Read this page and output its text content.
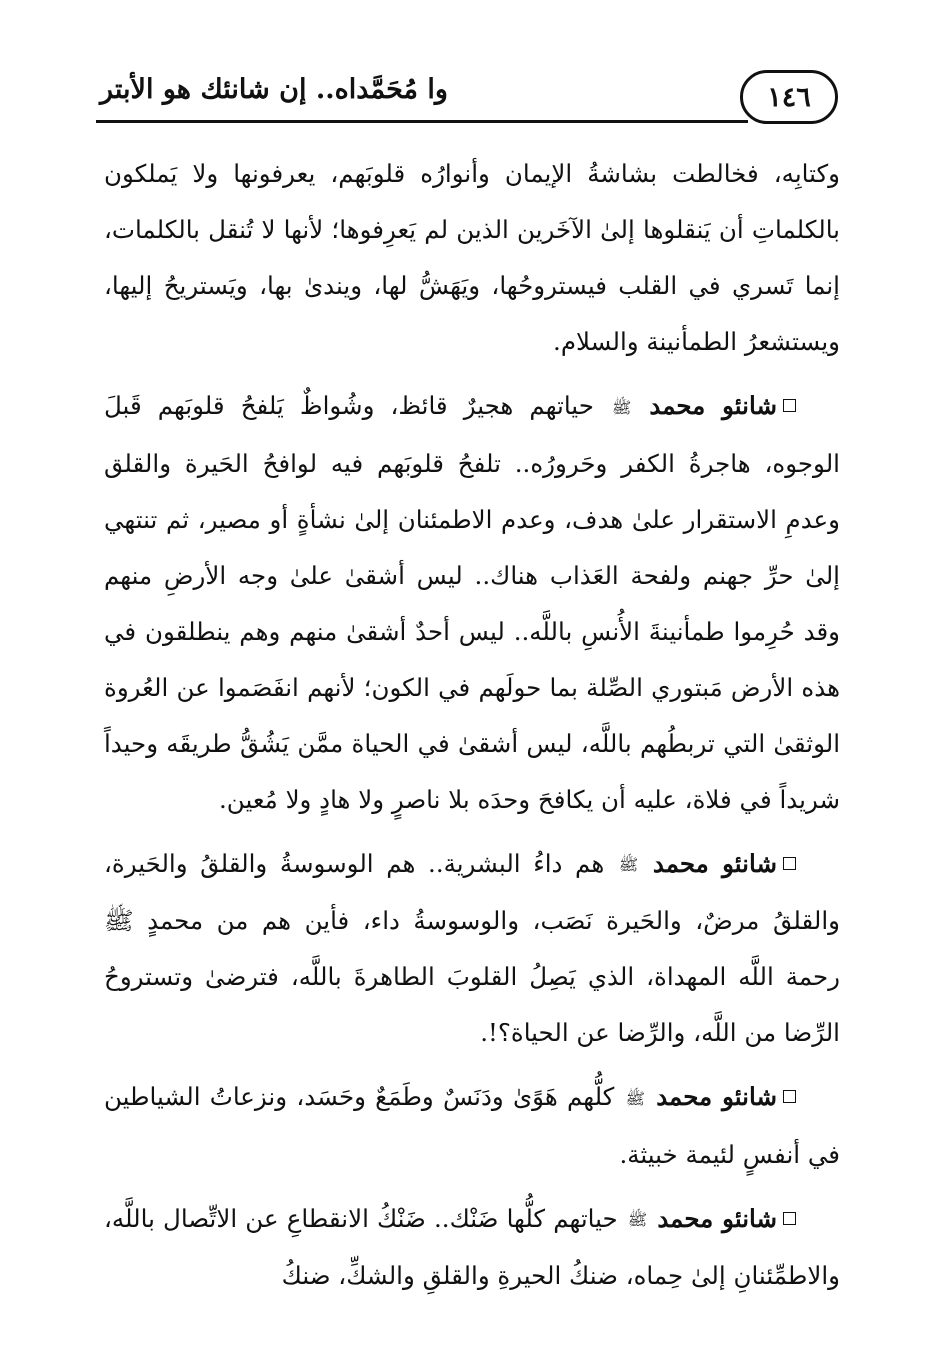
١٤٦
وا مُحَمَّداه.. إن شانئك هو الأبتر

وكتابِه، فخالطت بشاشةُ الإيمان وأنوارُه قلوبَهم، يعرفونها ولا يَملكون بالكلماتِ أن يَنقلوها إلىٰ الآخَرين الذين لم يَعرِفوها؛ لأنها لا تُنقل بالكلمات، إنما تَسري في القلب فيستروحُها، ويَهَشُّ لها، ويندىٰ بها، ويَستريحُ إليها، ويستشعرُ الطمأنينة والسلام.

شانئو محمد ﷺ حياتهم هجيرٌ قائظ، وشُواظٌ يَلفحُ قلوبَهم قَبلَ الوجوه، هاجرةُ الكفر وحَرورُه.. تلفحُ قلوبَهم فيه لوافحُ الحَيرة والقلق وعدمِ الاستقرار علىٰ هدف، وعدم الاطمئنان إلىٰ نشأةٍ أو مصير، ثم تنتهي إلىٰ حرِّ جهنم ولفحة العَذاب هناك.. ليس أشقىٰ علىٰ وجه الأرضِ منهم وقد حُرِموا طمأنينةَ الأُنسِ باللَّه.. ليس أحدٌ أشقىٰ منهم وهم ينطلقون في هذه الأرض مَبتوري الصِّلة بما حولَهم في الكون؛ لأنهم انفَصَموا عن العُروة الوثقىٰ التي تربطُهم باللَّه، ليس أشقىٰ في الحياة ممَّن يَشُقُّ طريقَه وحيداً شريداً في فلاة، عليه أن يكافحَ وحدَه بلا ناصرٍ ولا هادٍ ولا مُعين.

شانئو محمد ﷺ هم داءُ البشرية.. هم الوسوسةُ والقلقُ والحَيرة، والقلقُ مرضٌ، والحَيرة نَصَب، والوسوسةُ داء، فأين هم من محمدٍ ﷺ رحمة اللَّه المهداة، الذي يَصِلُ القلوبَ الطاهرةَ باللَّه، فترضىٰ وتستروحُ الرِّضا من اللَّه، والرِّضا عن الحياة؟!.

شانئو محمد ﷺ كلُّهم هَوًىٰ ودَنَسٌ وطَمَعٌ وحَسَد، ونزعاتُ الشياطين في أنفسٍ لئيمة خبيثة.

شانئو محمد ﷺ حياتهم كلُّها ضَنْك.. ضَنْكُ الانقطاعِ عن الاتِّصال باللَّه، والاطمِّئنانِ إلىٰ حِماه، ضنكُ الحيرةِ والقلقِ والشكِّ، ضنكُ
